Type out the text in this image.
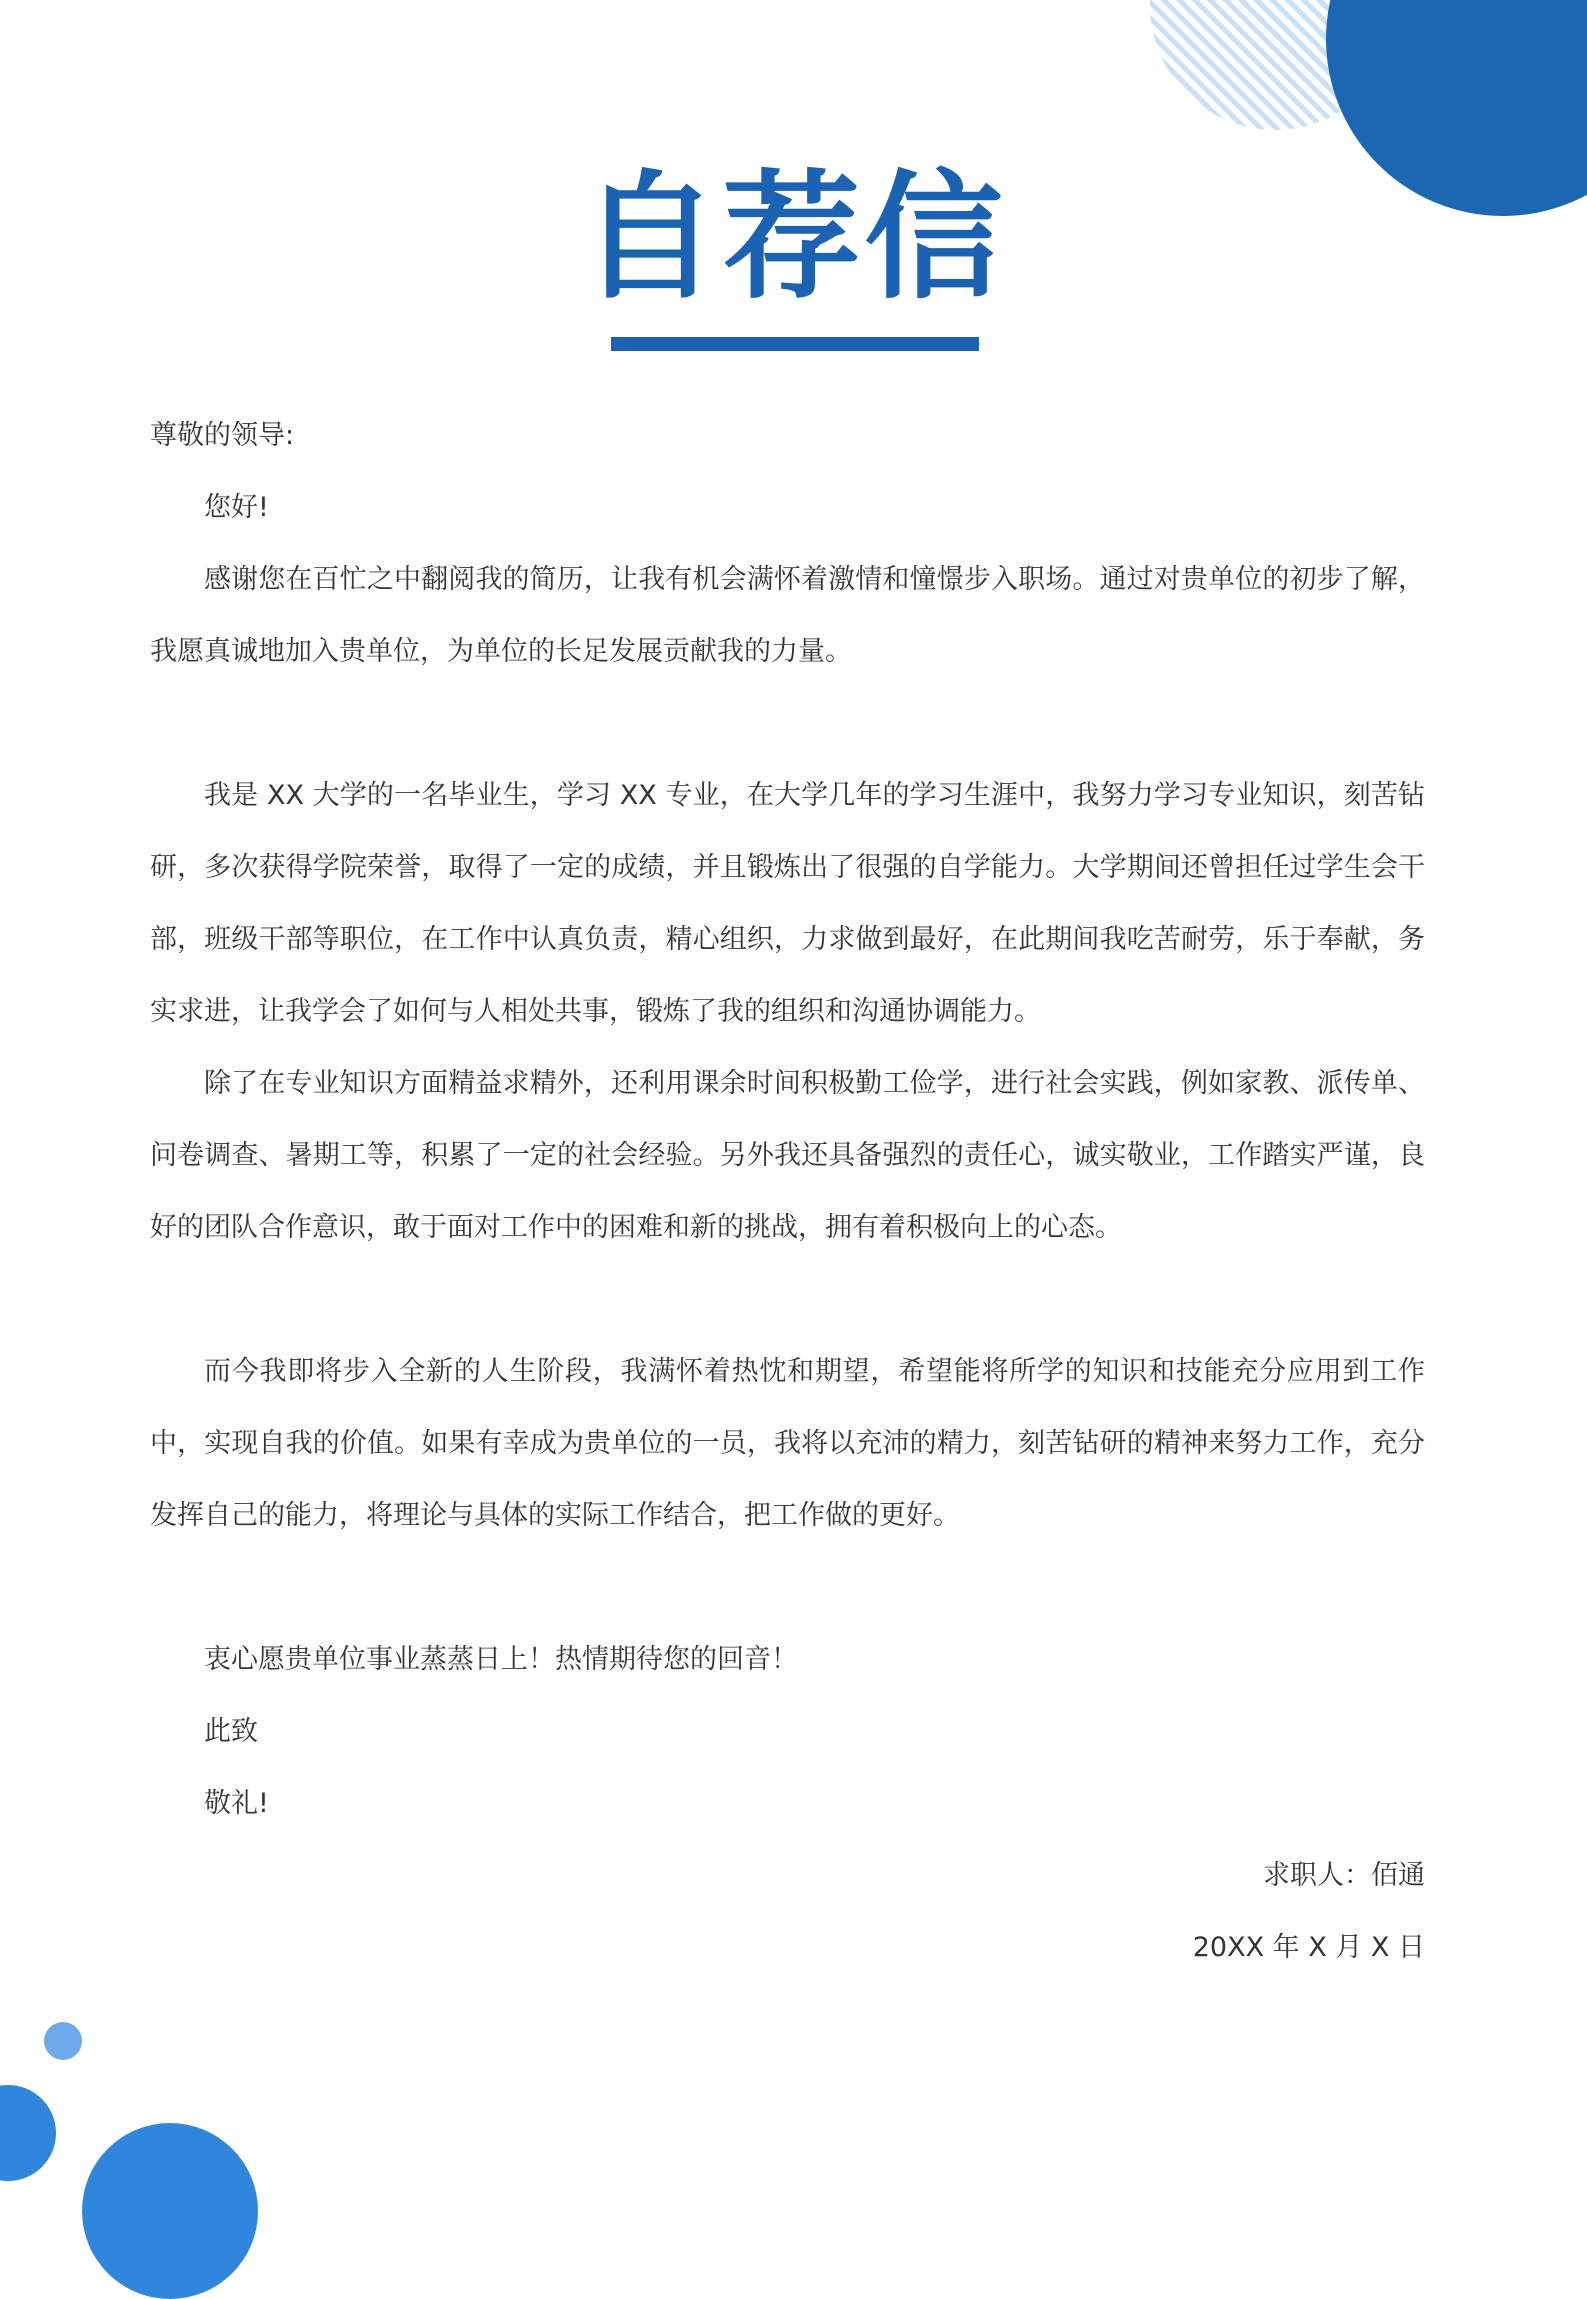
自荐信

尊敬的领导:

您好!

感谢您在百忙之中翻阅我的简历，让我有机会满怀着激情和憧憬步入职场。通过对贵单位的初步了解，我愿真诚地加入贵单位，为单位的长足发展贡献我的力量。

我是 XX 大学的一名毕业生，学习 XX 专业，在大学几年的学习生涯中，我努力学习专业知识，刻苦钻研，多次获得学院荣誉，取得了一定的成绩，并且锻炼出了很强的自学能力。大学期间还曾担任过学生会干部，班级干部等职位，在工作中认真负责，精心组织，力求做到最好，在此期间我吃苦耐劳，乐于奉献，务实求进，让我学会了如何与人相处共事，锻炼了我的组织和沟通协调能力。

除了在专业知识方面精益求精外，还利用课余时间积极勤工俭学，进行社会实践，例如家教、派传单、问卷调查、暑期工等，积累了一定的社会经验。另外我还具备强烈的责任心，诚实敬业，工作踏实严谨，良好的团队合作意识，敢于面对工作中的困难和新的挑战，拥有着积极向上的心态。

而今我即将步入全新的人生阶段，我满怀着热忱和期望，希望能将所学的知识和技能充分应用到工作中，实现自我的价值。如果有幸成为贵单位的一员，我将以充沛的精力，刻苦钻研的精神来努力工作，充分发挥自己的能力，将理论与具体的实际工作结合，把工作做的更好。

衷心愿贵单位事业蒸蒸日上！热情期待您的回音！

此致

敬礼!

求职人：佰通

20XX 年 X 月 X 日
